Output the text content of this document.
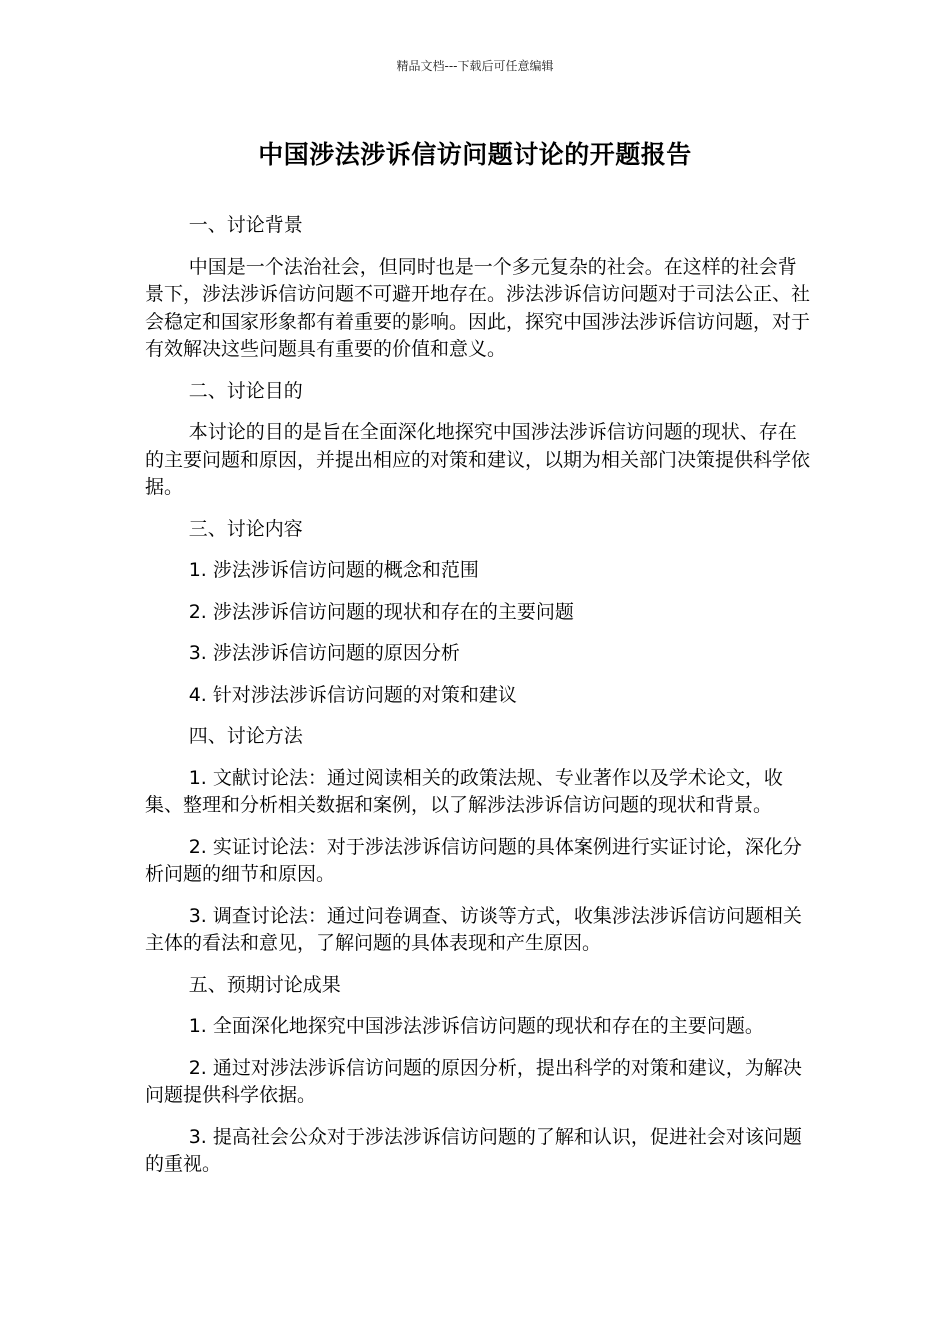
精品文档---下载后可任意编辑
中国涉法涉诉信访问题讨论的开题报告

一、讨论背景

中国是一个法治社会，但同时也是一个多元复杂的社会。在这样的社会背景下，涉法涉诉信访问题不可避开地存在。涉法涉诉信访问题对于司法公正、社会稳定和国家形象都有着重要的影响。因此，探究中国涉法涉诉信访问题，对于有效解决这些问题具有重要的价值和意义。

二、讨论目的

本讨论的目的是旨在全面深化地探究中国涉法涉诉信访问题的现状、存在的主要问题和原因，并提出相应的对策和建议，以期为相关部门决策提供科学依据。

三、讨论内容

1. 涉法涉诉信访问题的概念和范围

2. 涉法涉诉信访问题的现状和存在的主要问题

3. 涉法涉诉信访问题的原因分析

4. 针对涉法涉诉信访问题的对策和建议

四、讨论方法

1. 文献讨论法：通过阅读相关的政策法规、专业著作以及学术论文，收集、整理和分析相关数据和案例，以了解涉法涉诉信访问题的现状和背景。

2. 实证讨论法：对于涉法涉诉信访问题的具体案例进行实证讨论，深化分析问题的细节和原因。

3. 调查讨论法：通过问卷调查、访谈等方式，收集涉法涉诉信访问题相关主体的看法和意见，了解问题的具体表现和产生原因。

五、预期讨论成果

1. 全面深化地探究中国涉法涉诉信访问题的现状和存在的主要问题。

2. 通过对涉法涉诉信访问题的原因分析，提出科学的对策和建议，为解决问题提供科学依据。

3. 提高社会公众对于涉法涉诉信访问题的了解和认识，促进社会对该问题的重视。
